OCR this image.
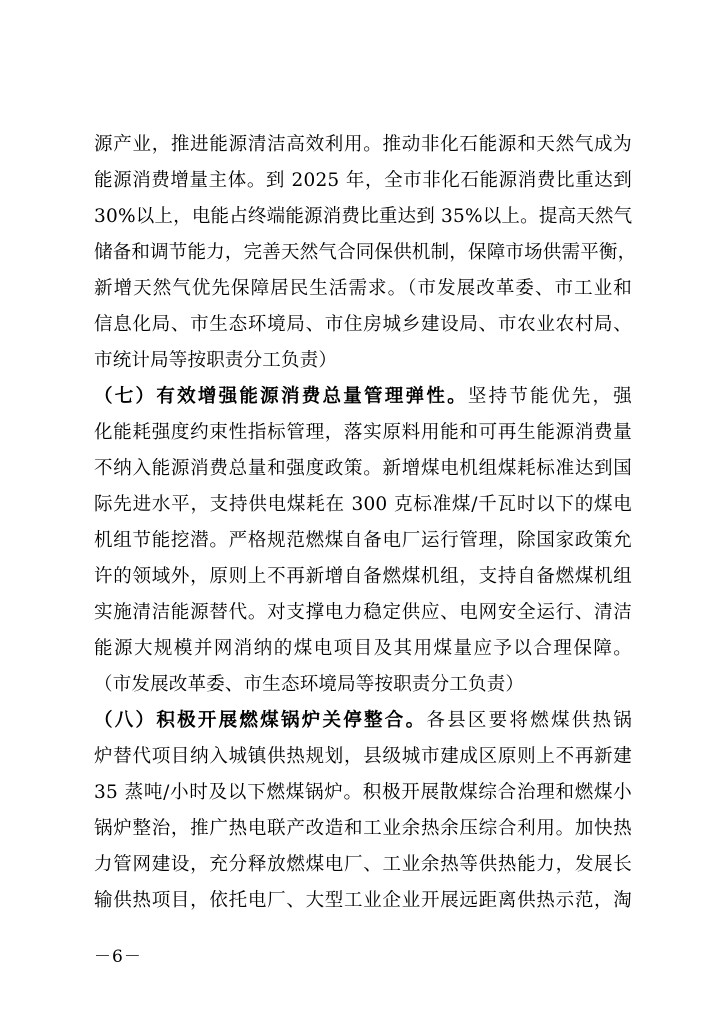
源产业，推进能源清洁高效利用。推动非化石能源和天然气成为
能源消费增量主体。到 2025 年，全市非化石能源消费比重达到
30%以上，电能占终端能源消费比重达到 35%以上。提高天然气
储备和调节能力，完善天然气合同保供机制，保障市场供需平衡，
新增天然气优先保障居民生活需求。（市发展改革委、市工业和
信息化局、市生态环境局、市住房城乡建设局、市农业农村局、
市统计局等按职责分工负责）
（七）有效增强能源消费总量管理弹性。坚持节能优先，强
化能耗强度约束性指标管理，落实原料用能和可再生能源消费量
不纳入能源消费总量和强度政策。新增煤电机组煤耗标准达到国
际先进水平，支持供电煤耗在 300 克标准煤/千瓦时以下的煤电
机组节能挖潜。严格规范燃煤自备电厂运行管理，除国家政策允
许的领域外，原则上不再新增自备燃煤机组，支持自备燃煤机组
实施清洁能源替代。对支撑电力稳定供应、电网安全运行、清洁
能源大规模并网消纳的煤电项目及其用煤量应予以合理保障。
（市发展改革委、市生态环境局等按职责分工负责）
（八）积极开展燃煤锅炉关停整合。各县区要将燃煤供热锅
炉替代项目纳入城镇供热规划，县级城市建成区原则上不再新建
35 蒸吨/小时及以下燃煤锅炉。积极开展散煤综合治理和燃煤小
锅炉整治，推广热电联产改造和工业余热余压综合利用。加快热
力管网建设，充分释放燃煤电厂、工业余热等供热能力，发展长
输供热项目，依托电厂、大型工业企业开展远距离供热示范，淘
－6－
